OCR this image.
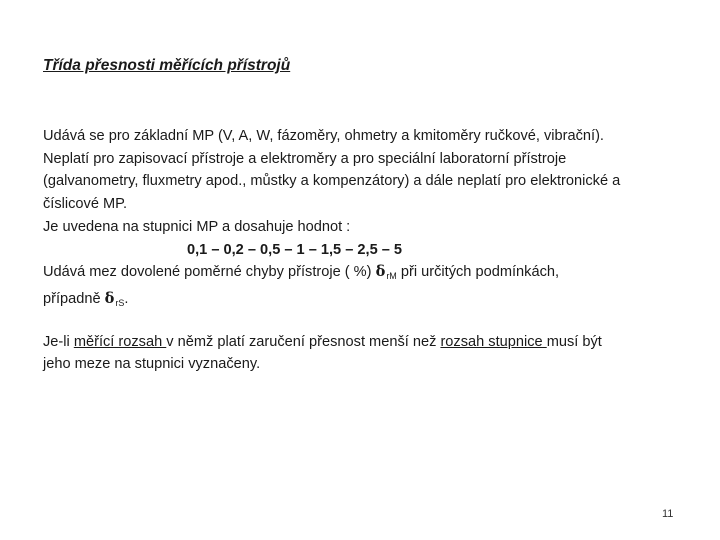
Třída přesnosti měřících přístrojů
Udává se pro základní MP (V, A, W, fázoměry, ohmetry a kmitoměry ručkové, vibrační).
Neplatí pro zapisovací přístroje a elektroměry a pro speciální laboratorní přístroje
(galvanometry, fluxmetry apod., můstky a kompenzátory) a dále neplatí pro elektronické a
číslicové MP.
Je uvedena na stupnici MP a dosahuje hodnot :
0,1 – 0,2 – 0,5 – 1 – 1,5 – 2,5 – 5
Udává mez dovolené poměrné chyby přístroje ( %) $\delta_{rM}$ při určitých podmínkách,
případně $\delta_{rS}$.
Je-li měřící rozsah v němž platí zaručení přesnost menší než rozsah stupnice musí být
jeho meze na stupnici vyznačeny.
11
